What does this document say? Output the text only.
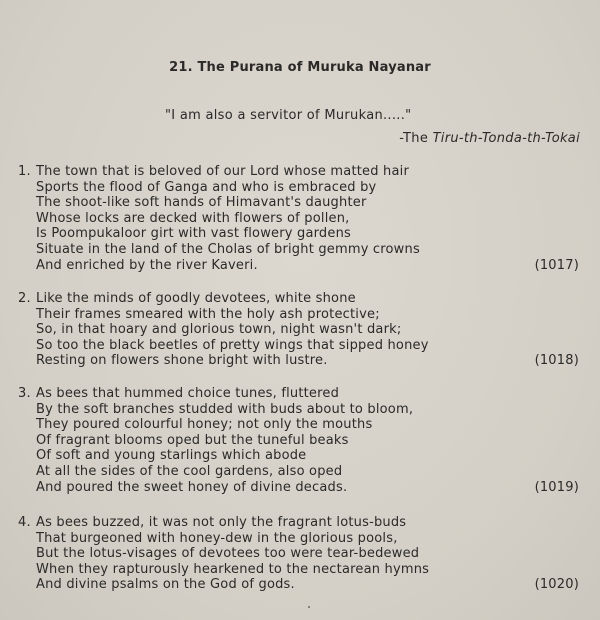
21. The Purana of Muruka Nayanar
"I am also a servitor of Murukan....."
-The Tiru-th-Tonda-th-Tokai
1. The town that is beloved of our Lord whose matted hair
Sports the flood of Ganga and who is embraced by
The shoot-like soft hands of Himavant's daughter
Whose locks are decked with flowers of pollen,
Is Poompukaloor girt with vast flowery gardens
Situate in the land of the Cholas of bright gemmy crowns
And enriched by the river Kaveri.	(1017)
2. Like the minds of goodly devotees, white shone
Their frames smeared with the holy ash protective;
So, in that hoary and glorious town, night wasn't dark;
So too the black beetles of pretty wings that sipped honey
Resting on flowers shone bright with lustre.	(1018)
3. As bees that hummed choice tunes, fluttered
By the soft branches studded with buds about to bloom,
They poured colourful honey; not only the mouths
Of fragrant blooms oped but the tuneful beaks
Of soft and young starlings which abode
At all the sides of the cool gardens, also oped
And poured the sweet honey of divine decads.	(1019)
4. As bees buzzed, it was not only the fragrant lotus-buds
That burgeoned with honey-dew in the glorious pools,
But the lotus-visages of devotees too were tear-bedewed
When they rapturously hearkened to the nectarean hymns
And divine psalms on the God of gods.	(1020)
